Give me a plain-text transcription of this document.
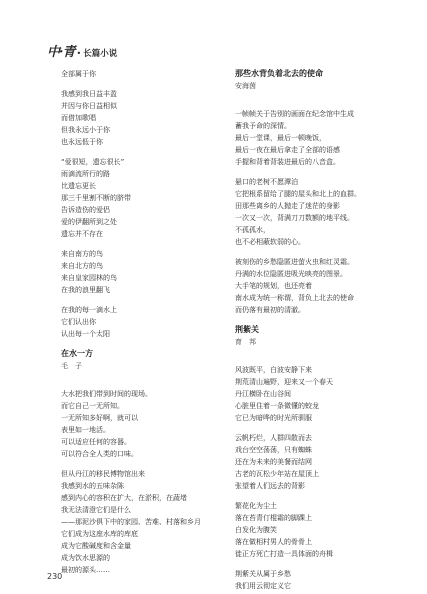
中·青 • 长篇小说
全部属于你
我感到我日益丰盈
并因与你日益相似
而借加歌唱
但我永远小于你
也永远低于你
“爱很短，遗忘很长”
雨滴流所行的路
比遗忘更长
那三千里割不断的脐带
告诉造伤的爱侣
爱的伊翻所到之处
遗忘并不存在
来自南方的鸟
来自北方的鸟
来自皇家园林的鸟
在我的浪里翻飞
在我的每一滴水上
它们认出你
认出每一个太阳
在水一方
毛　子
大水把我们带到时间的现场。
而它自己一无所知。
一无所知多好啊，就可以
表里如一地活。
可以适应任何的容器。
可以符合全人类的口味。
但从丹江的移民博物馆出来
我感到水的五味杂陈
感到内心的容积在扩大，在淤积，在蔬堵
我无法清澄它们是什么
——那泥沙俱下中的家园、苦难、村落和乡月
它们成为这座水库的库底
成为它酸碱度和含金量
成为饮水思源的
最初的源头……
那些水背负着北去的使命
安海茵
一帧帧关于告别的画面在纪念馆中生成
蓄我予命的深情。
最后一堂课，最后一顿晚饭，
最后一夜在最后拿走了全部的语感
手握和背着背装进最后的八音盒。
悬口的老树不愿潭泊
它把根系留给了腿的屋头和北上的血群。
田那些离乡的人抛走了迷茫的身影
一次又一次，背满刀刀数额的地平线。
不孤孤水，
也不必相蔽软弱的心。
被刻伤的乡愁隐匿进萤火虫和红灵霜。
丹满的水位隐匿进吸光映亮的图景。
大手笔的规划，也还亮着
南水成为统一称谓，背负上北去的使命
而仍落有最初的清澈。
荆紫关
育　邦
风波既平，白波安静下来
荆荒清山遍野，迎来又一个春天
丹江横卧在山谷间
心脏里住着一条微懂的蛟龙
它已为暗哗的时光所驯服
云帆朽烂，人群四散而去
戏台空空荡荡，只有蜘蛛
还在为未来的美餐而结网
古老的瓦松少年站在屋顶上
张望着人们远去的背影
繁花化为尘土
落在苔青仃棍霜的脚踝上
白发化为腹笑
落在做相村男人的骨骨上
徙正方死亡打造一具体面的舟楫
荆紫关从属于乡愁
我们用云彻定义它
230
